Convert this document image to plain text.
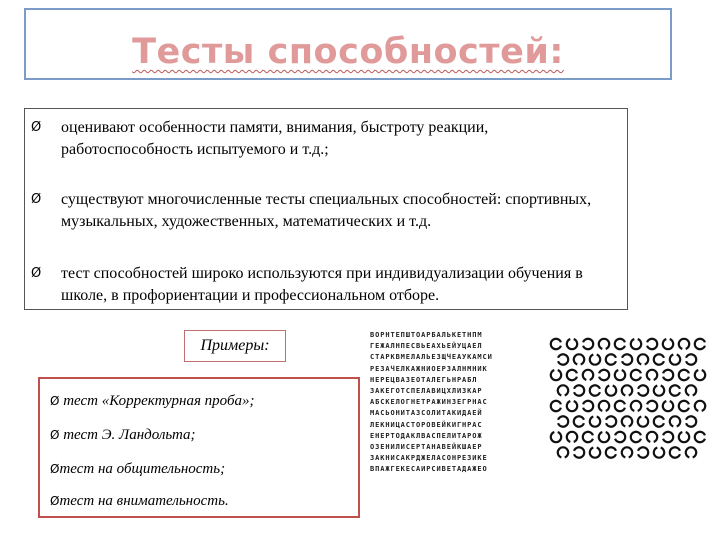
Тесты способностей:
Ø	оценивают особенности памяти, внимания, быстроту реакции, работоспособность испытуемого и т.д.;
Ø	существуют многочисленные тесты специальных способностей: спортивных, музыкальных, художественных, математических и т.д.
Ø	тест способностей широко используются при индивидуализации обучения в школе, в профориентации и профессиональном отборе.
Примеры:
Ø тест «Корректурная проба»;
Ø тест Э. Ландольта;
Øтест на общительность;
Øтест на внимательность.
ВОРНТЕПШТОАРБАЛЬКЕТНПМ
ГЕЖАЛНПЕСВЬЕАХЬЕЙУЦАЕЛ
СТАРКВМЕЛАЛЬЕЗЩЧЕАУКАМСИ
РЕЗАЧЕЛКАЖНИОЕРЗАЛНМНИК
НЕРЕЦВАЗЕОТАЛЕГЬНРАБЛ
ЗАКЕГОТСПЕЛАВИЦХЛИЗКАР
АБСКЕЛОГНЕТРАЖИНЗЕГРНАС
МАСЬОНИТАЗСОЛИТАКИДАЕЙ
ЛЕКНИЦАСТОРОВЕЙКИГНРАС
ЕНЕРТОДАКЛВАСПЕЛИТАРОЖ
ОЗЕНИЛИСЕРТАНАВЕЙКШАЕР
ЗАКНИСАКРДЖЕЛАСОНРЕЗИКЕ
ВПАЖГЕКЕСАИРСИВЕТАДАЖЕО
